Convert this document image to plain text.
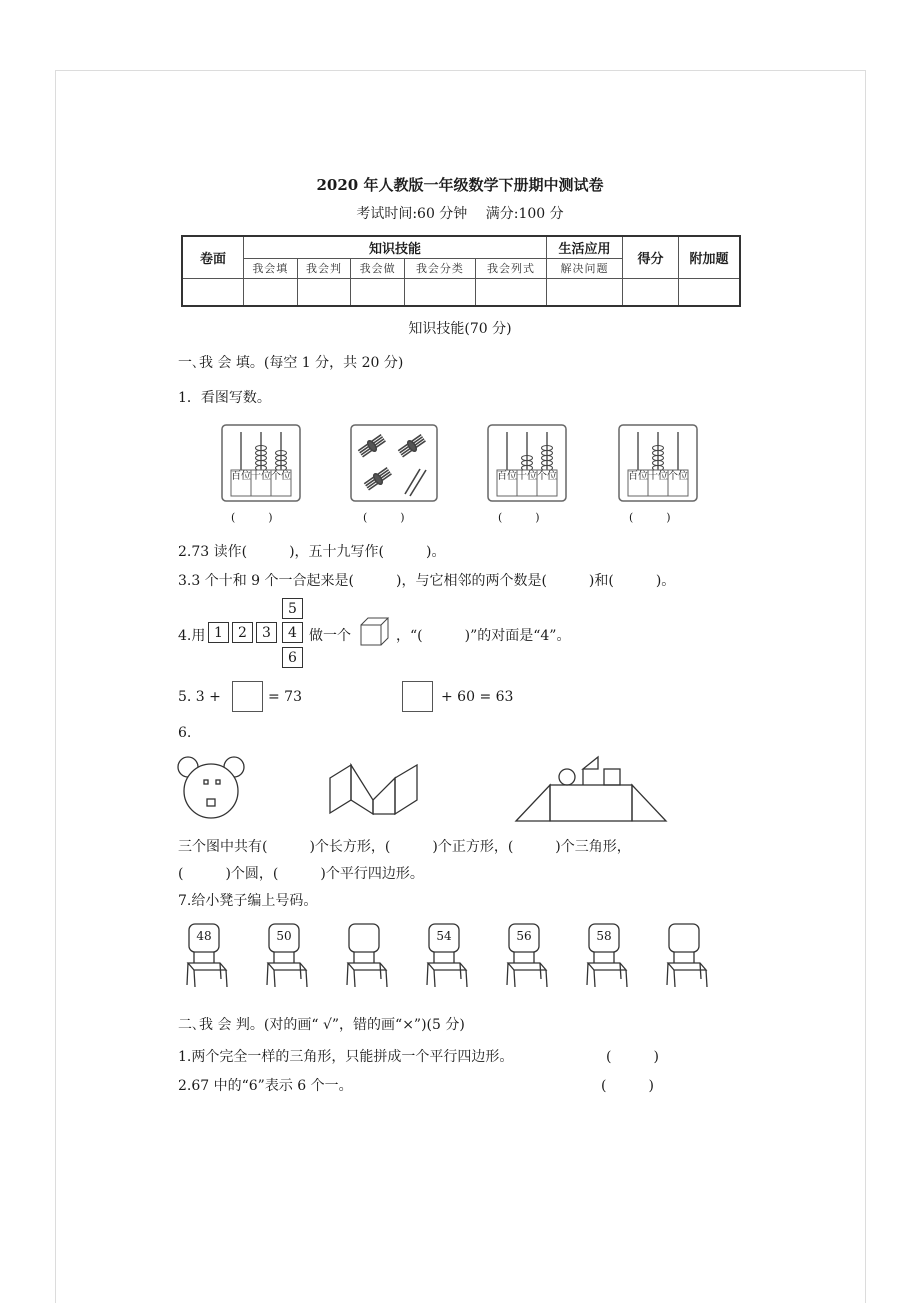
2020 年人教版一年级数学下册期中测试卷
考试时间:60 分钟　 满分:100 分
卷面	知识技能					生活应用	得分	附加题
	我会填	我会判	我会做	我会分类	我会列式	解决问题		

知识技能(70 分)
一､我 会 填。(每空 1 分，共 20 分)
1．看图写数。
百位 十位 个位	百位 十位 个位	百位 十位 个位
(　　　)	(　　　)	(　　　)	(　　　)
2.73 读作(　　　)，五十九写作(　　　)。
3.3 个十和 9 个一合起来是(　　　)，与它相邻的两个数是(　　　)和(　　　)。
4.用 1	2	3	4
5
6
做一个	，“(　　　)”的对面是“4”。
5. 3 +	= 73	+ 60 = 63
6.
三个图中共有(　　　)个长方形，(　　　)个正方形，(　　　)个三角形，
(　　　)个圆，(　　　)个平行四边形。
7.给小凳子编上号码。
48	50	54	56	58
二､我 会 判。(对的画“ √”，错的画“×”)(5 分)
1.两个完全一样的三角形，只能拼成一个平行四边形。	(　　　)
2.67 中的“6”表示 6 个一。	(　　　)
